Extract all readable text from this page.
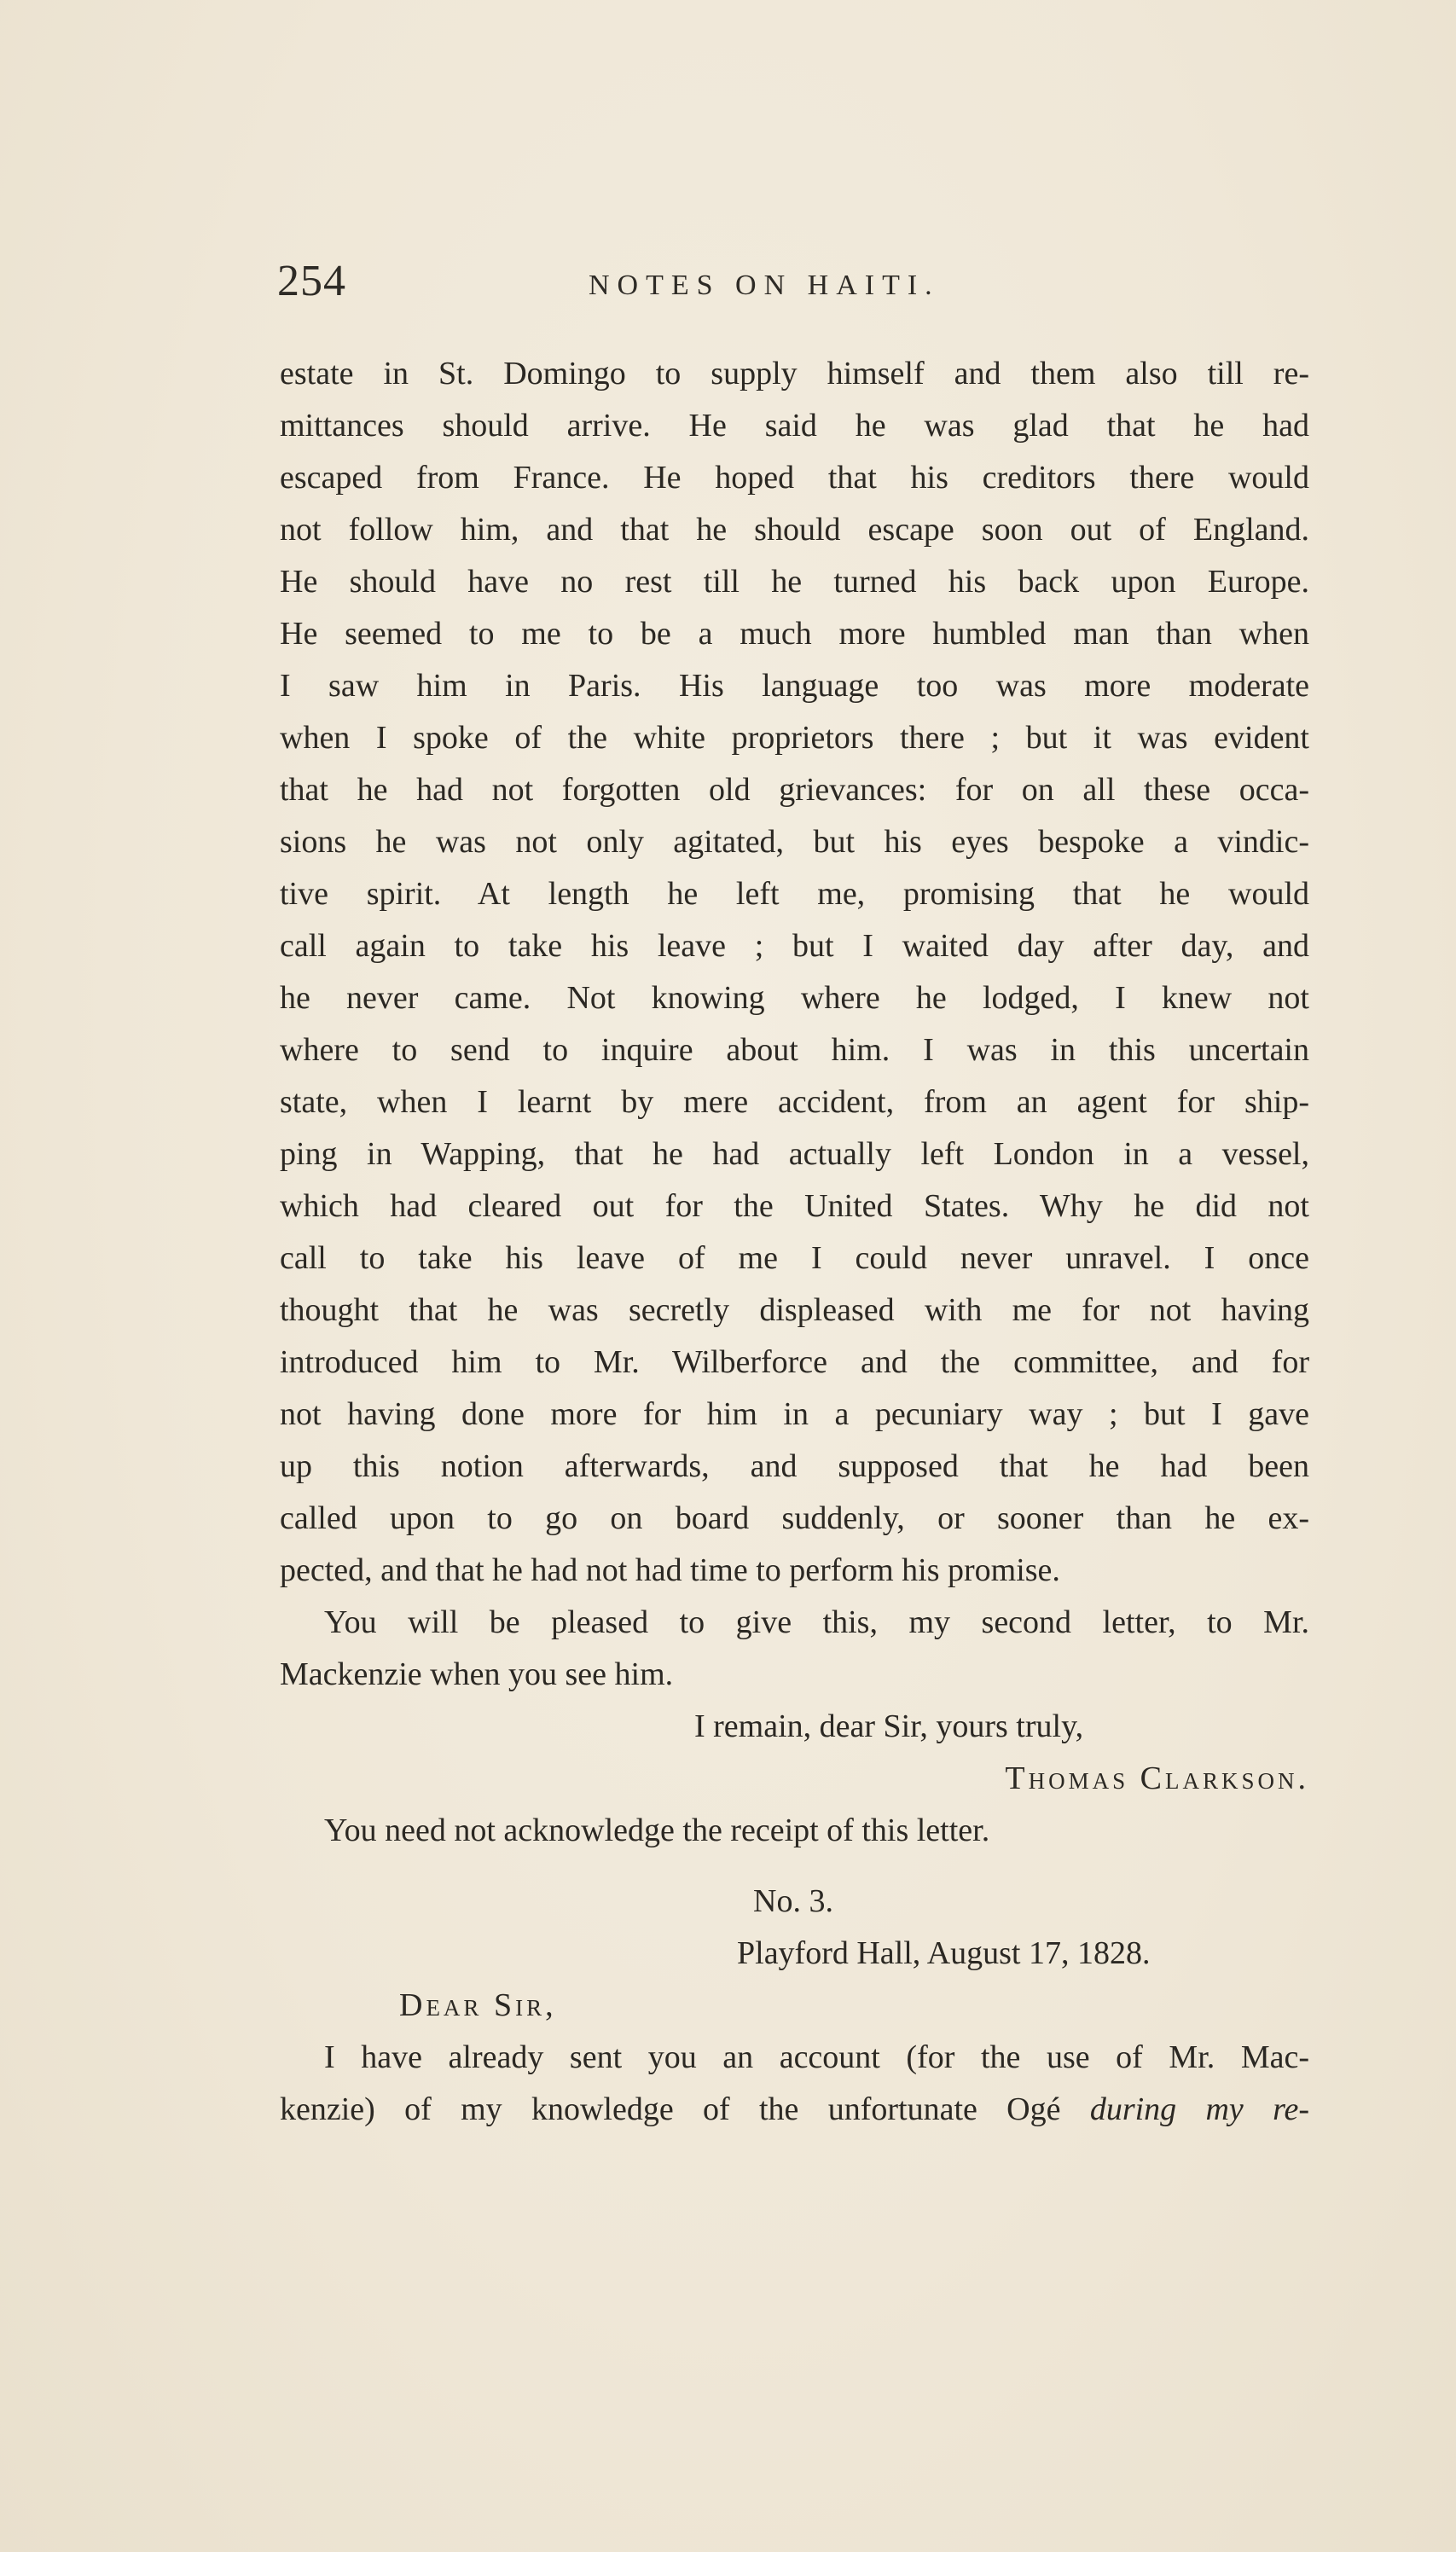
254	NOTES ON HAITI.
estate in St. Domingo to supply himself and them also till re-
mittances should arrive. He said he was glad that he had
escaped from France. He hoped that his creditors there would
not follow him, and that he should escape soon out of England.
He should have no rest till he turned his back upon Europe.
He seemed to me to be a much more humbled man than when
I saw him in Paris. His language too was more moderate
when I spoke of the white proprietors there ; but it was evident
that he had not forgotten old grievances: for on all these occa-
sions he was not only agitated, but his eyes bespoke a vindic-
tive spirit. At length he left me, promising that he would
call again to take his leave ; but I waited day after day, and
he never came. Not knowing where he lodged, I knew not
where to send to inquire about him. I was in this uncertain
state, when I learnt by mere accident, from an agent for ship-
ping in Wapping, that he had actually left London in a vessel,
which had cleared out for the United States. Why he did not
call to take his leave of me I could never unravel. I once
thought that he was secretly displeased with me for not having
introduced him to Mr. Wilberforce and the committee, and for
not having done more for him in a pecuniary way ; but I gave
up this notion afterwards, and supposed that he had been
called upon to go on board suddenly, or sooner than he ex-
pected, and that he had not had time to perform his promise.
You will be pleased to give this, my second letter, to Mr.
Mackenzie when you see him.
I remain, dear Sir, yours truly,
Thomas Clarkson.
You need not acknowledge the receipt of this letter.
No. 3.
Playford Hall, August 17, 1828.
Dear Sir,
I have already sent you an account (for the use of Mr. Mac-
kenzie) of my knowledge of the unfortunate Ogé during my re-
